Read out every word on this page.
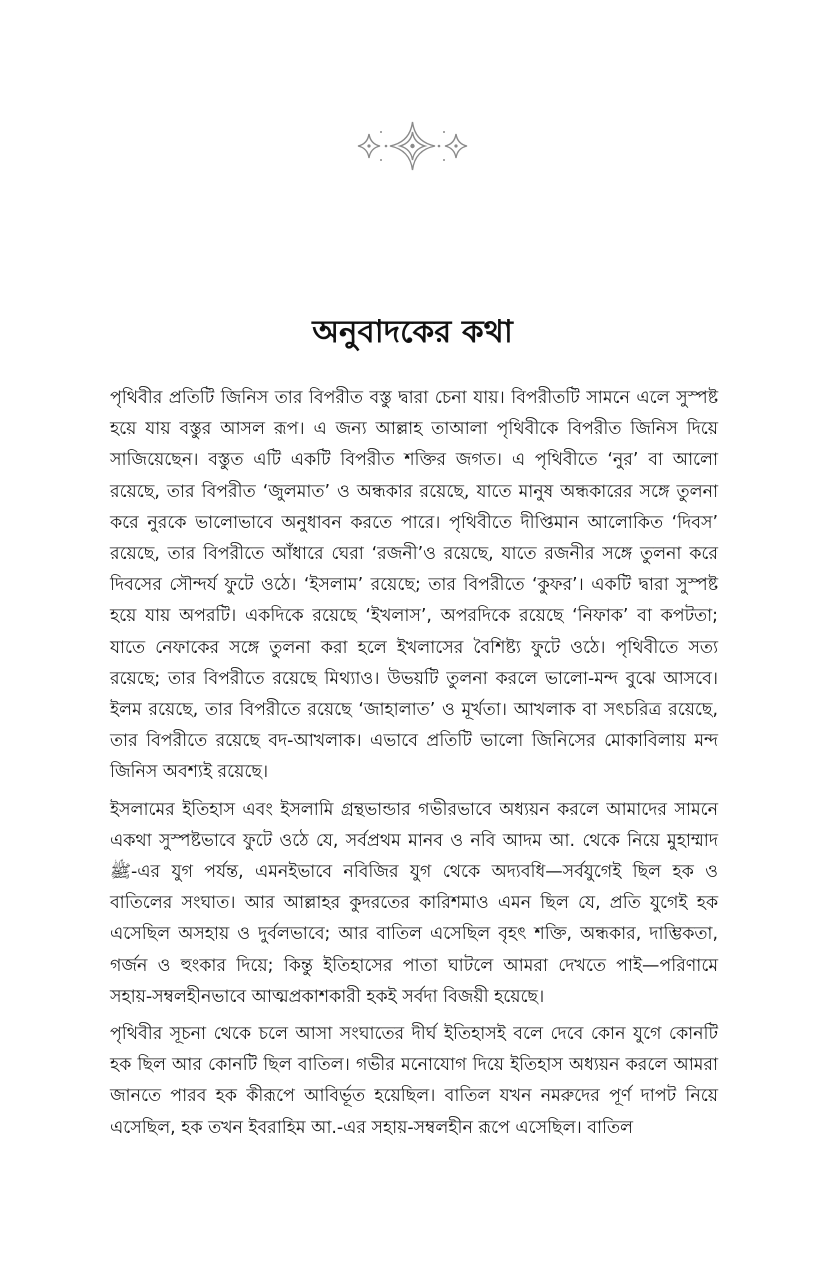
অনুবাদকের কথা

পৃথিবীর প্রতিটি জিনিস তার বিপরীত বস্তু দ্বারা চেনা যায়। বিপরীতটি সামনে এলে সুস্পষ্ট হয়ে যায় বস্তুর আসল রূপ। এ জন্য আল্লাহ তাআলা পৃথিবীকে বিপরীত জিনিস দিয়ে সাজিয়েছেন। বস্তুত এটি একটি বিপরীত শক্তির জগত। এ পৃথিবীতে ‘নুর’ বা আলো রয়েছে, তার বিপরীত ‘জুলমাত’ ও অন্ধকার রয়েছে, যাতে মানুষ অন্ধকারের সঙ্গে তুলনা করে নুরকে ভালোভাবে অনুধাবন করতে পারে। পৃথিবীতে দীপ্তিমান আলোকিত ‘দিবস’ রয়েছে, তার বিপরীতে আঁধারে ঘেরা ‘রজনী’ও রয়েছে, যাতে রজনীর সঙ্গে তুলনা করে দিবসের সৌন্দর্য ফুটে ওঠে। ‘ইসলাম’ রয়েছে; তার বিপরীতে ‘কুফর’। একটি দ্বারা সুস্পষ্ট হয়ে যায় অপরটি। একদিকে রয়েছে ‘ইখলাস’, অপরদিকে রয়েছে ‘নিফাক’ বা কপটতা; যাতে নেফাকের সঙ্গে তুলনা করা হলে ইখলাসের বৈশিষ্ট্য ফুটে ওঠে। পৃথিবীতে সত্য রয়েছে; তার বিপরীতে রয়েছে মিথ্যাও। উভয়টি তুলনা করলে ভালো-মন্দ বুঝে আসবে। ইলম রয়েছে, তার বিপরীতে রয়েছে ‘জাহালাত’ ও মূর্খতা। আখলাক বা সৎচরিত্র রয়েছে, তার বিপরীতে রয়েছে বদ-আখলাক। এভাবে প্রতিটি ভালো জিনিসের মোকাবিলায় মন্দ জিনিস অবশ্যই রয়েছে।

ইসলামের ইতিহাস এবং ইসলামি গ্রন্থভান্ডার গভীরভাবে অধ্যয়ন করলে আমাদের সামনে একথা সুস্পষ্টভাবে ফুটে ওঠে যে, সর্বপ্রথম মানব ও নবি আদম আ. থেকে নিয়ে মুহাম্মাদ ﷺ-এর যুগ পর্যন্ত, এমনইভাবে নবিজির যুগ থেকে অদ্যবধি—সর্বযুগেই ছিল হক ও বাতিলের সংঘাত। আর আল্লাহর কুদরতের কারিশমাও এমন ছিল যে, প্রতি যুগেই হক এসেছিল অসহায় ও দুর্বলভাবে; আর বাতিল এসেছিল বৃহৎ শক্তি, অন্ধকার, দাম্ভিকতা, গর্জন ও হুংকার দিয়ে; কিন্তু ইতিহাসের পাতা ঘাটলে আমরা দেখতে পাই—পরিণামে সহায়-সম্বলহীনভাবে আত্মপ্রকাশকারী হকই সর্বদা বিজয়ী হয়েছে।

পৃথিবীর সূচনা থেকে চলে আসা সংঘাতের দীর্ঘ ইতিহাসই বলে দেবে কোন যুগে কোনটি হক ছিল আর কোনটি ছিল বাতিল। গভীর মনোযোগ দিয়ে ইতিহাস অধ্যয়ন করলে আমরা জানতে পারব হক কীরূপে আবির্ভূত হয়েছিল। বাতিল যখন নমরুদের পূর্ণ দাপট নিয়ে এসেছিল, হক তখন ইবরাহিম আ.-এর সহায়-সম্বলহীন রূপে এসেছিল। বাতিল
